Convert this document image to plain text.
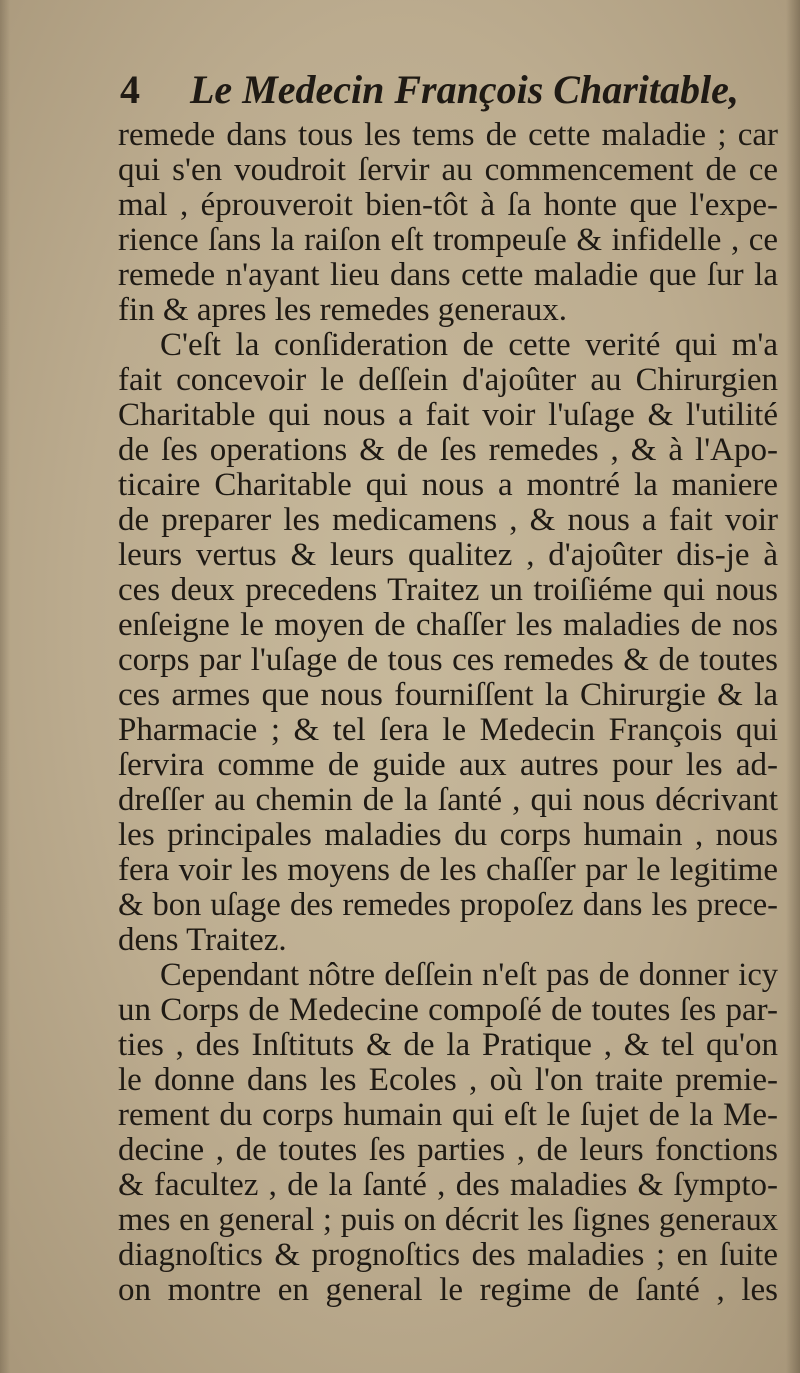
4 Le Medecin François Charitable,
remede dans tous les tems de cette maladie ; car
qui s'en voudroit ſervir au commencement de ce
mal , éprouveroit bien-tôt à ſa honte que l'expe-
rience ſans la raiſon eſt trompeuſe & infidelle , ce
remede n'ayant lieu dans cette maladie que ſur la
fin & apres les remedes generaux.
C'eſt la conſideration de cette verité qui m'a
fait concevoir le deſſein d'ajoûter au Chirurgien
Charitable qui nous a fait voir l'uſage & l'utilité
de ſes operations & de ſes remedes , & à l'Apo-
ticaire Charitable qui nous a montré la maniere
de preparer les medicamens , & nous a fait voir
leurs vertus & leurs qualitez , d'ajoûter dis-je à
ces deux precedens Traitez un troiſiéme qui nous
enſeigne le moyen de chaſſer les maladies de nos
corps par l'uſage de tous ces remedes & de toutes
ces armes que nous fourniſſent la Chirurgie & la
Pharmacie ; & tel ſera le Medecin François qui
ſervira comme de guide aux autres pour les ad-
dreſſer au chemin de la ſanté , qui nous décrivant
les principales maladies du corps humain , nous
fera voir les moyens de les chaſſer par le legitime
& bon uſage des remedes propoſez dans les prece-
dens Traitez.
Cependant nôtre deſſein n'eſt pas de donner icy
un Corps de Medecine compoſé de toutes ſes par-
ties , des Inſtituts & de la Pratique , & tel qu'on
le donne dans les Ecoles , où l'on traite premie-
rement du corps humain qui eſt le ſujet de la Me-
decine , de toutes ſes parties , de leurs fonctions
& facultez , de la ſanté , des maladies & ſympto-
mes en general ; puis on décrit les ſignes generaux
diagnoſtics & prognoſtics des maladies ; en ſuite
on montre en general le regime de ſanté , les
